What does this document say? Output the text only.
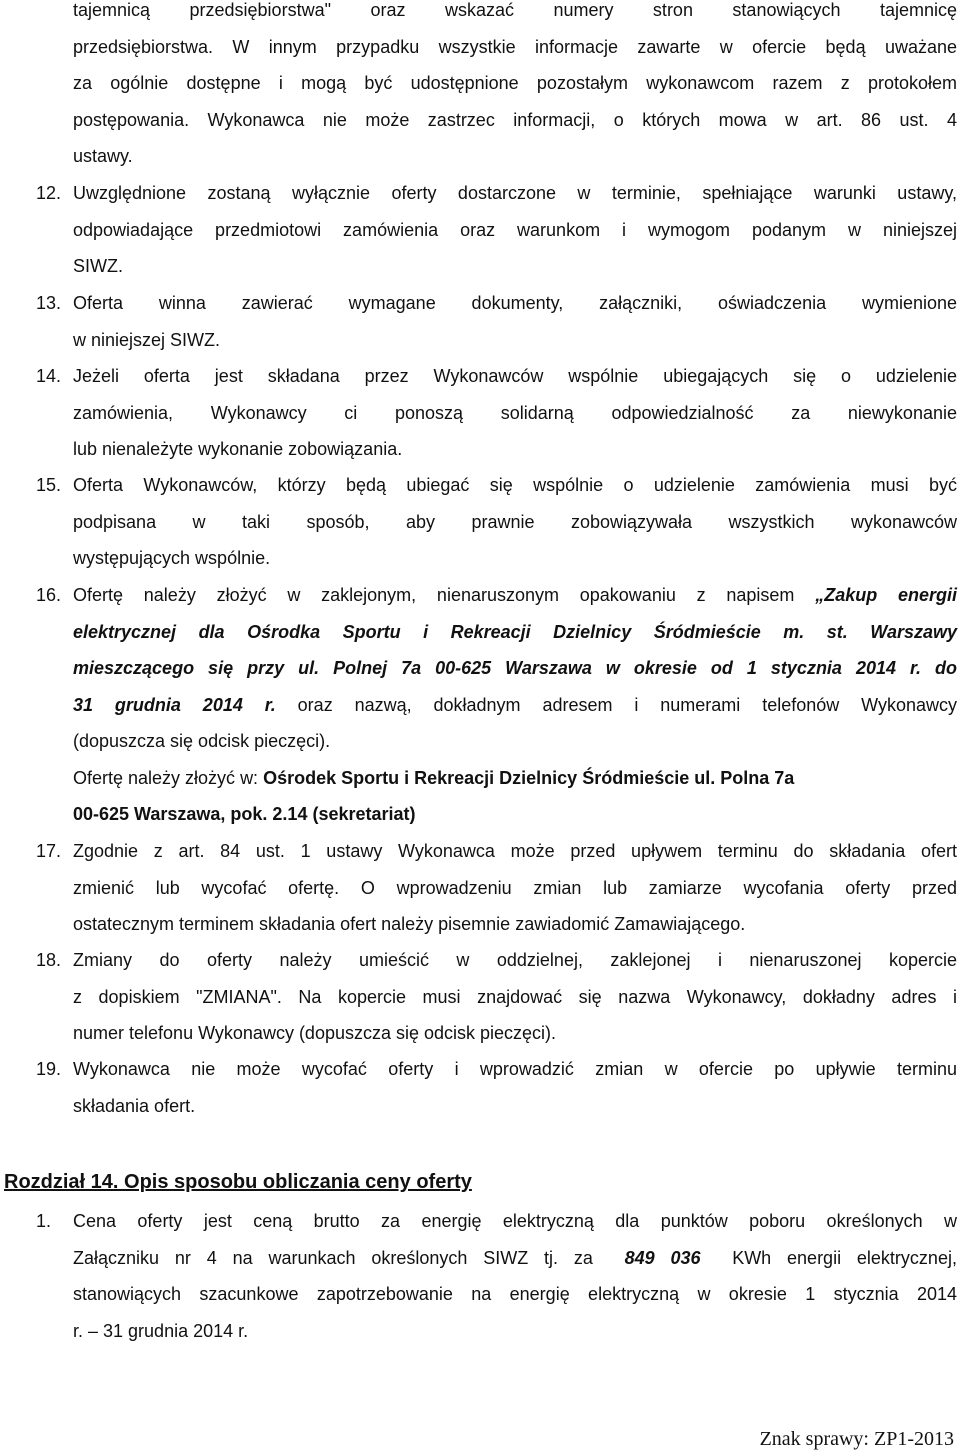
tajemnicą przedsiębiorstwa" oraz wskazać numery stron stanowiących tajemnicę
przedsiębiorstwa. W innym przypadku wszystkie informacje zawarte w ofercie będą uważane
za ogólnie dostępne i mogą być udostępnione pozostałym wykonawcom razem z protokołem
postępowania. Wykonawca nie może zastrzec informacji, o których mowa w art. 86 ust. 4
ustawy.
12. Uwzględnione zostaną wyłącznie oferty dostarczone w terminie, spełniające warunki ustawy,
odpowiadające przedmiotowi zamówienia oraz warunkom i wymogom podanym w niniejszej
SIWZ.
13. Oferta winna zawierać wymagane dokumenty, załączniki, oświadczenia wymienione
w niniejszej SIWZ.
14. Jeżeli oferta jest składana przez Wykonawców wspólnie ubiegających się o udzielenie
zamówienia, Wykonawcy ci ponoszą solidarną odpowiedzialność za niewykonanie
lub nienależyte wykonanie zobowiązania.
15. Oferta Wykonawców, którzy będą ubiegać się wspólnie o udzielenie zamówienia musi być
podpisana w taki sposób, aby prawnie zobowiązywała wszystkich wykonawców
występujących wspólnie.
16. Ofertę należy złożyć w zaklejonym, nienaruszonym opakowaniu z napisem „Zakup energii
elektrycznej dla Ośrodka Sportu i Rekreacji Dzielnicy Śródmieście m. st. Warszawy
mieszczącego się przy ul. Polnej 7a 00-625 Warszawa w okresie od 1 stycznia 2014 r. do
31 grudnia 2014 r. oraz nazwą, dokładnym adresem i numerami telefonów Wykonawcy
(dopuszcza się odcisk pieczęci).
Ofertę należy złożyć w: Ośrodek Sportu i Rekreacji Dzielnicy Śródmieście ul. Polna 7a
00-625 Warszawa, pok. 2.14 (sekretariat)
17. Zgodnie z art. 84 ust. 1 ustawy Wykonawca może przed upływem terminu do składania ofert
zmienić lub wycofać ofertę. O wprowadzeniu zmian lub zamiarze wycofania oferty przed
ostatecznym terminem składania ofert należy pisemnie zawiadomić Zamawiającego.
18. Zmiany do oferty należy umieścić w oddzielnej, zaklejonej i nienaruszonej kopercie
z dopiskiem "ZMIANA". Na kopercie musi znajdować się nazwa Wykonawcy, dokładny adres i
numer telefonu Wykonawcy (dopuszcza się odcisk pieczęci).
19. Wykonawca nie może wycofać oferty i wprowadzić zmian w ofercie po upływie terminu
składania ofert.
Rozdział 14. Opis sposobu obliczania ceny oferty
1.	Cena oferty jest ceną brutto za energię elektryczną dla punktów poboru określonych w
Załączniku nr 4 na warunkach określonych SIWZ tj. za 849 036 KWh energii elektrycznej,
stanowiących szacunkowe zapotrzebowanie na energię elektryczną w okresie 1 stycznia 2014
r. – 31 grudnia 2014 r.
Znak sprawy: ZP1-2013
